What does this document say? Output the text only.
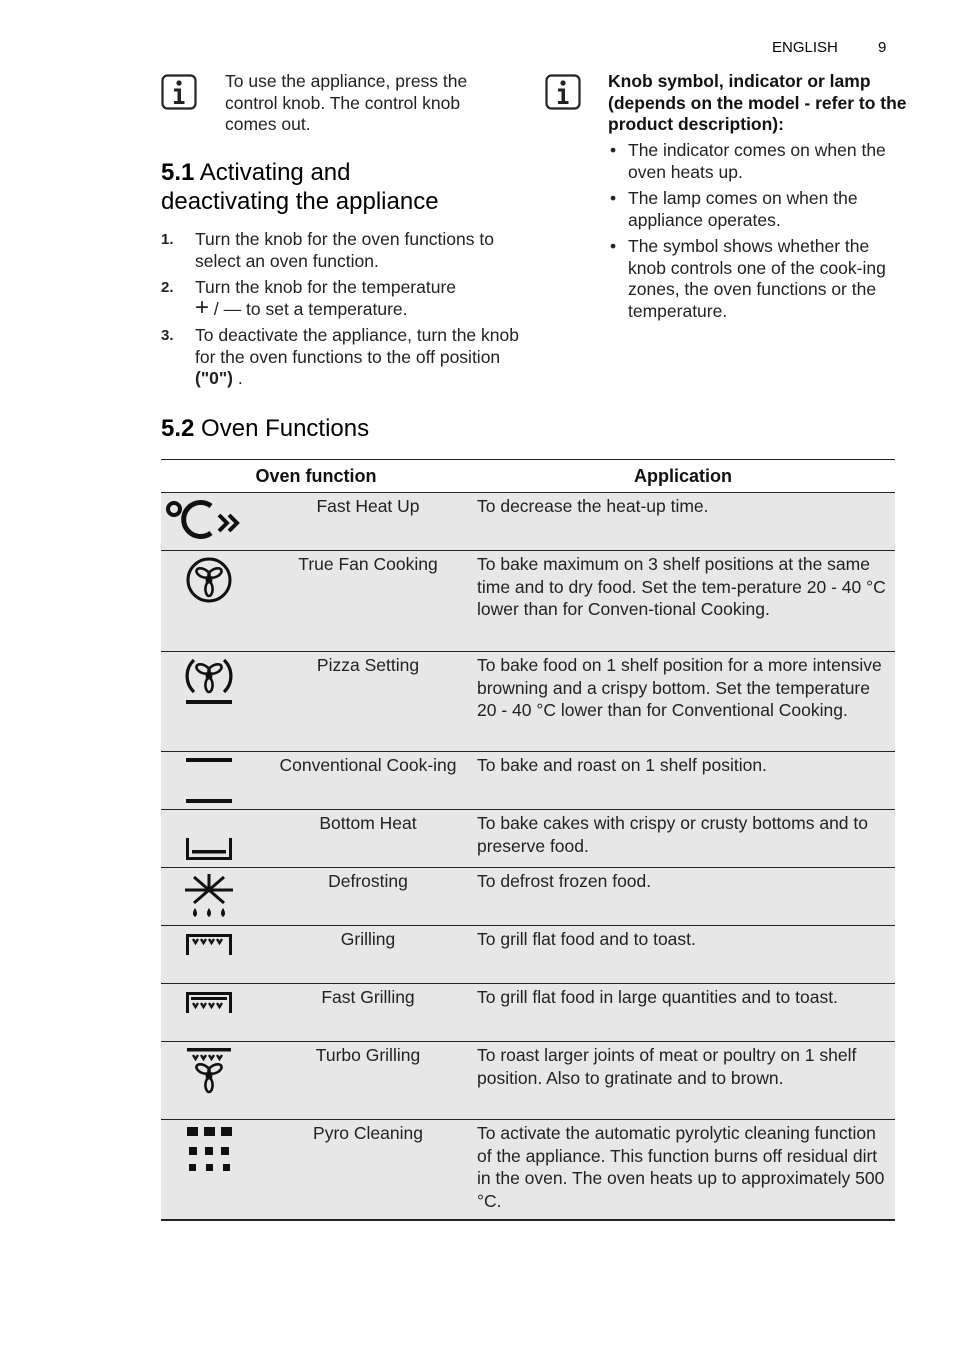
ENGLISH	9
To use the appliance, press the control knob. The control knob comes out.
Knob symbol, indicator or lamp (depends on the model - refer to the product description):
• The indicator comes on when the oven heats up.
• The lamp comes on when the appliance operates.
• The symbol shows whether the knob controls one of the cook-ing zones, the oven functions or the temperature.
5.1 Activating and
deactivating the appliance
1. Turn the knob for the oven functions to select an oven function.
2. Turn the knob for the temperature
+ / — to set a temperature.
3. To deactivate the appliance, turn the knob for the oven functions to the off position ("0") .
5.2 Oven Functions
Oven function		Application

	Fast Heat Up	To decrease the heat-up time.

	True Fan Cooking	To bake maximum on 3 shelf positions at the same time and to dry food. Set the tem-perature 20 - 40 °C lower than for Conven-tional Cooking.

	Pizza Setting	To bake food on 1 shelf position for a more intensive browning and a crispy bottom. Set the temperature 20 - 40 °C lower than for Conventional Cooking.

	Conventional Cook-ing	To bake and roast on 1 shelf position.

	Bottom Heat	To bake cakes with crispy or crusty bottoms and to preserve food.

	Defrosting	To defrost frozen food.

	Grilling	To grill flat food and to toast.

	Fast Grilling	To grill flat food in large quantities and to toast.

	Turbo Grilling	To roast larger joints of meat or poultry on 1 shelf position. Also to gratinate and to brown.

	Pyro Cleaning	To activate the automatic pyrolytic cleaning function of the appliance. This function burns off residual dirt in the oven. The oven heats up to approximately 500 °C.
